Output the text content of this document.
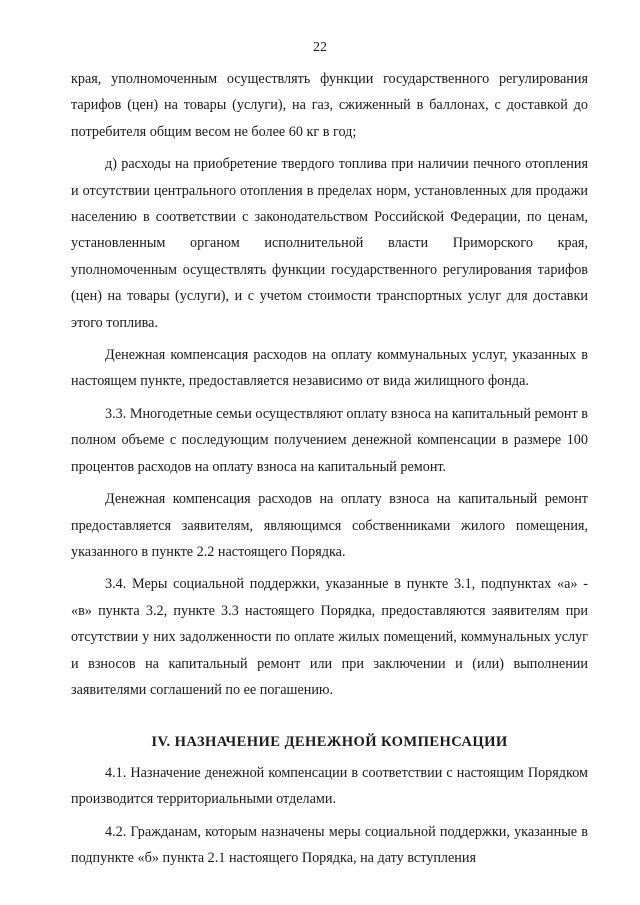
22

края, уполномоченным осуществлять функции государственного регулирования тарифов (цен) на товары (услуги), на газ, сжиженный в баллонах, с доставкой до потребителя общим весом не более 60 кг в год;

д) расходы на приобретение твердого топлива при наличии печного отопления и отсутствии центрального отопления в пределах норм, установленных для продажи населению в соответствии с законодательством Российской Федерации, по ценам, установленным органом исполнительной власти Приморского края, уполномоченным осуществлять функции государственного регулирования тарифов (цен) на товары (услуги), и с учетом стоимости транспортных услуг для доставки этого топлива.

Денежная компенсация расходов на оплату коммунальных услуг, указанных в настоящем пункте, предоставляется независимо от вида жилищного фонда.

3.3. Многодетные семьи осуществляют оплату взноса на капитальный ремонт в полном объеме с последующим получением денежной компенсации в размере 100 процентов расходов на оплату взноса на капитальный ремонт.

Денежная компенсация расходов на оплату взноса на капитальный ремонт предоставляется заявителям, являющимся собственниками жилого помещения, указанного в пункте 2.2 настоящего Порядка.

3.4. Меры социальной поддержки, указанные в пункте 3.1, подпунктах «а» - «в» пункта 3.2, пункте 3.3 настоящего Порядка, предоставляются заявителям при отсутствии у них задолженности по оплате жилых помещений, коммунальных услуг и взносов на капитальный ремонт или при заключении и (или) выполнении заявителями соглашений по ее погашению.

IV. НАЗНАЧЕНИЕ ДЕНЕЖНОЙ КОМПЕНСАЦИИ

4.1. Назначение денежной компенсации в соответствии с настоящим Порядком производится территориальными отделами.

4.2. Гражданам, которым назначены меры социальной поддержки, указанные в подпункте «б» пункта 2.1 настоящего Порядка, на дату вступления
